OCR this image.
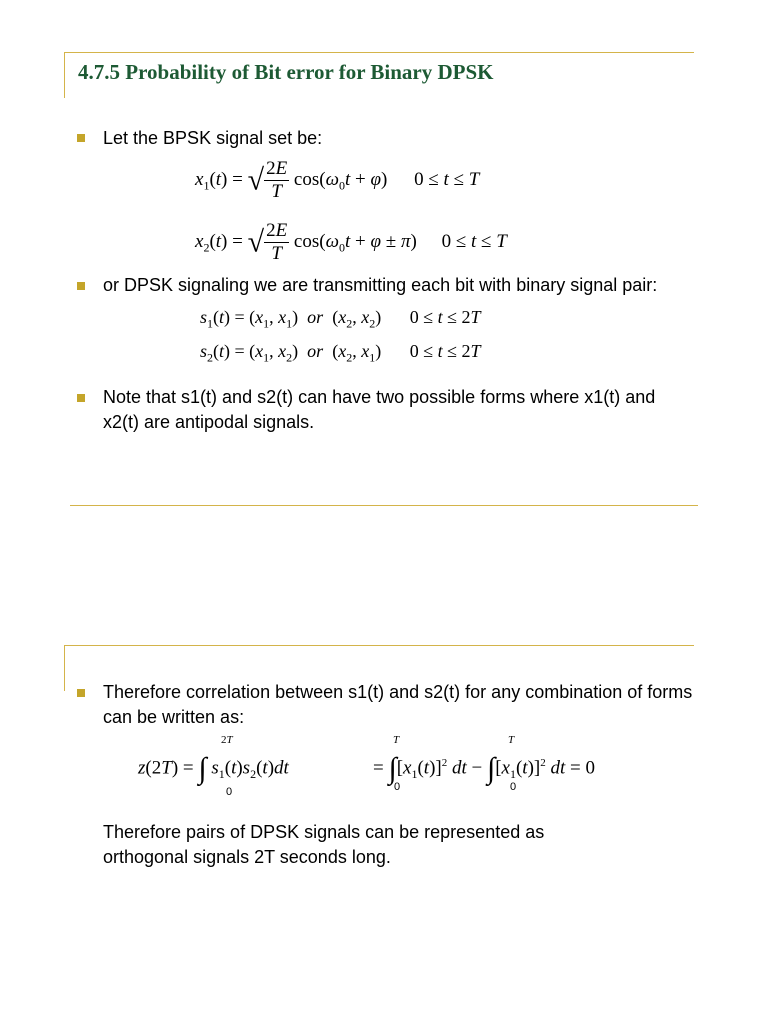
4.7.5 Probability of Bit error for Binary DPSK
Let the BPSK signal set be:
$x_1(t)$ = √ $\frac{2E}{T} \cos(\omega_0t + \varphi) 0 \le t \le T$
$x_2(t)$ = √ $\frac{2E}{T} \cos(\omega_0t + \varphi \pm \pi) 0 \le t \le T$
or DPSK signaling we are transmitting each bit with binary signal pair:
$s_1(t) = (x_1$, $x_1$)  or  ($x_2$, $x_2$) 0 ≤ t ≤ 2T
$s_2(t) = (x_1$, $x_2$)  or  ($x_2$, $x_1$) 0 ≤ t ≤ 2T
Note that s1(t) and s2(t) can have two possible forms where x1(t) and x2(t) are antipodal signals.
Therefore correlation between s1(t) and s2(t) for any combination of forms can be written as:
z(2T) = ∫ $s_1(t)s_2(t)dt$
2T
0
= $\int[x_1(t)]^2$ dt − $\int[x_1(t)]^2$ dt = 0
T
0
T
0
Therefore pairs of DPSK signals can be represented as orthogonal signals 2T seconds long.
